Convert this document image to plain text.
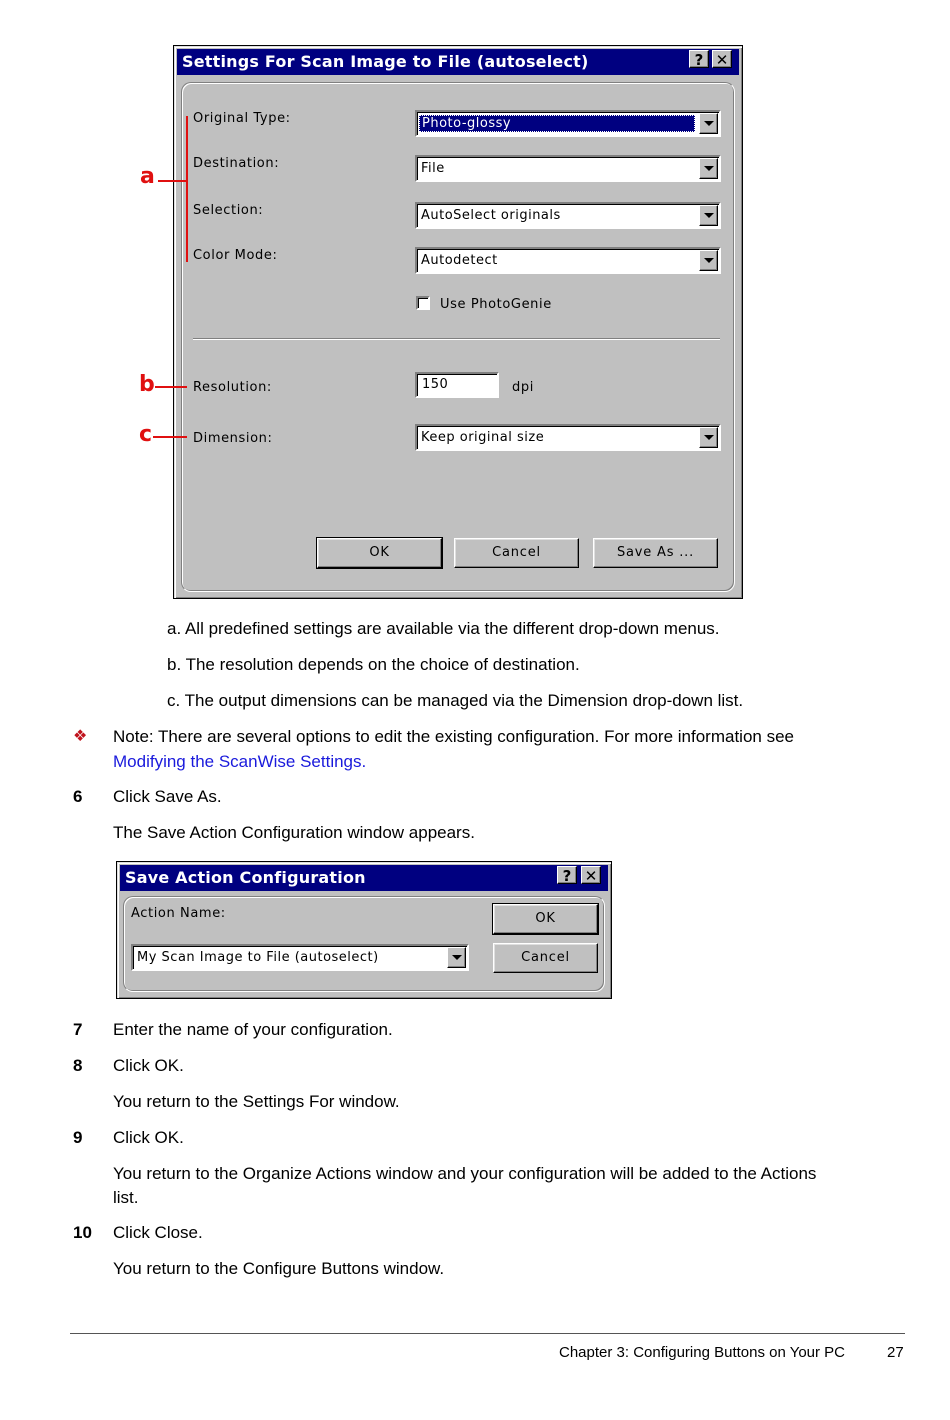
Settings For Scan Image to File (autoselect)	? ✕
Original Type:	Photo-glossy
Destination:	File
Selection:	AutoSelect originals
Color Mode:	Autodetect
Use PhotoGenie
Resolution:	150	dpi
Dimension:	Keep original size
OK	Cancel	Save As ...
a
b
c
a. All predefined settings are available via the different drop-down menus.
b. The resolution depends on the choice of destination.
c. The output dimensions can be managed via the Dimension drop-down list.
❖ Note: There are several options to edit the existing configuration. For more information see
Modifying the ScanWise Settings.
6 Click Save As.
The Save Action Configuration window appears.
Save Action Configuration	? ✕
Action Name:
My Scan Image to File (autoselect)
OK
Cancel
7 Enter the name of your configuration.
8 Click OK.
You return to the Settings For window.
9 Click OK.
You return to the Organize Actions window and your configuration will be added to the Actions
list.
10 Click Close.
You return to the Configure Buttons window.
Chapter 3: Configuring Buttons on Your PC	27
